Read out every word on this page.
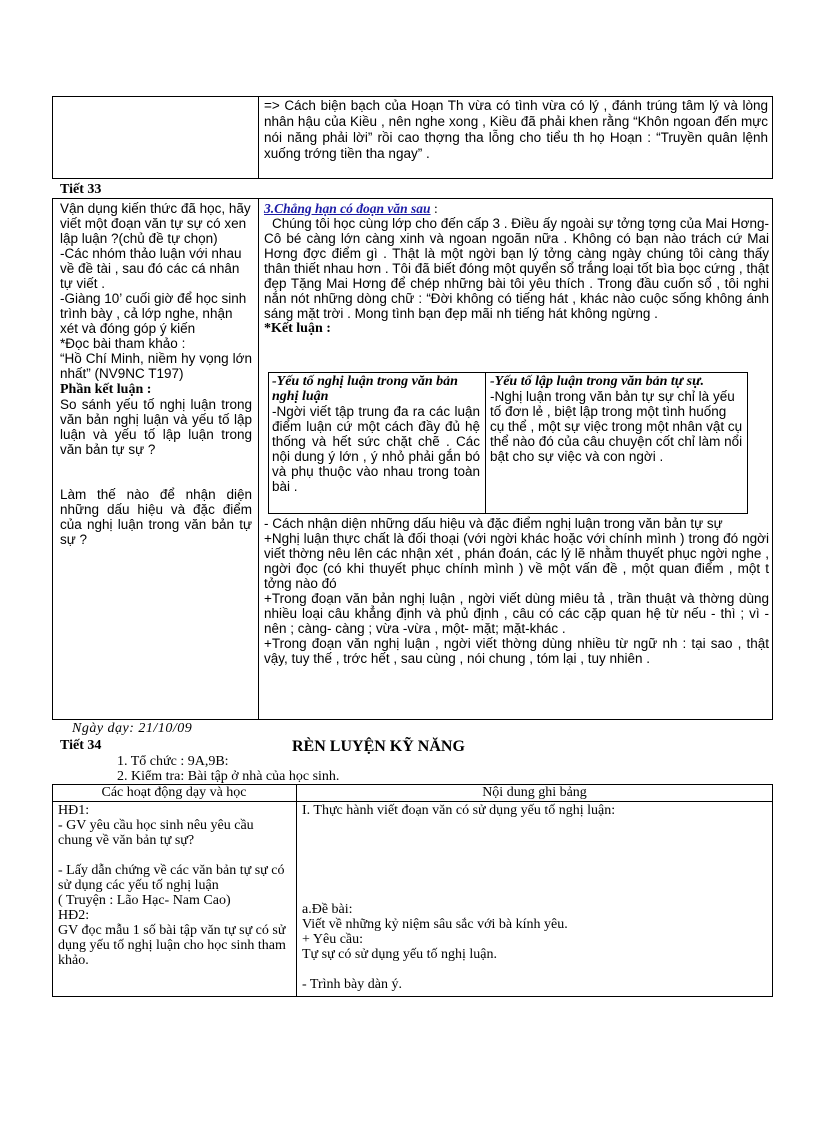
=> Cách biện bạch của Hoạn Th vừa có tình vừa có lý , đánh trúng tâm lý và lòng nhân hậu của Kiều , nên nghe xong , Kiều đã phải khen rằng “Khôn ngoan đến mực nói năng phải lời” rồi cao thợng tha lỗng cho tiểu th họ Hoạn : “Truyền quân lệnh xuống trớng tiền tha ngay” .
Tiết 33

Vận dụng kiến thức đã học, hãy viết một đoạn văn tự sự có xen lập luận ?(chủ đề tự chọn)

-Các nhóm thảo luận với nhau về đề tài , sau đó các cá nhân tự viết .

-Giàng 10’ cuối giờ để học sinh trình bày , cả lớp nghe, nhận xét và đóng góp ý kiến

*Đọc bài tham khảo :

“Hồ Chí Minh, niềm hy vọng lớn nhất” (NV9NC T197)

Phần kết luận :

So sánh yếu tố nghị luận trong văn bản nghị luận và yếu tố lập luận và yếu tố lập luận trong văn bản tự sự ?

Làm thế nào để nhận diện những dấu hiệu và đặc điểm của nghị luận trong văn bản tự sự ?

3.Chẳng hạn có đoạn văn sau :

Chúng tôi học cùng lớp cho đến cấp 3 . Điều ấy ngoài sự tởng tợng của Mai Hơng- Cô bé càng lớn càng xinh và ngoan ngoãn nữa . Không có bạn nào trách cứ Mai Hơng đợc điểm gì . Thật là một ngời bạn lý tởng càng ngày chúng tôi càng thấy thân thiết nhau hơn . Tôi đã biết đóng một quyển sổ trắng loại tốt bìa bọc cứng , thật đẹp Tặng Mai Hơng để chép những bài tôi yêu thích . Trong đầu cuốn sổ , tôi nghi nắn nót những dòng chữ : “Đời không có tiếng hát , khác nào cuộc sống không ánh sáng mặt trời . Mong tình bạn đẹp mãi nh tiếng hát không ngừng .

*Kết luận :

-Yếu tố nghị luận trong văn bản nghị luận

-Ngời viết tập trung đa ra các luận điểm luận cứ một cách đầy đủ hệ thống và hết sức chặt chẽ . Các nội dung ý lớn , ý nhỏ phải gắn bó và phụ thuộc vào nhau trong toàn bài .

-Yếu tố lập luận trong văn bản tự sự.

-Nghị luận trong văn bản tự sự chỉ là yếu tố đơn lẻ , biệt lập trong một tình huống cụ thể , một sự việc trong một nhân vật cụ thể nào đó của câu chuyện cốt chỉ làm nổi bật cho sự việc và con ngời .

- Cách nhận diện những dấu hiệu và đặc điểm nghị luận trong văn bản tự sự

+Nghị luận thực chất là đối thoại (với ngời khác hoặc với chính mình ) trong đó ngời viết thờng nêu lên các nhận xét , phán đoán, các lý lẽ nhằm thuyết phục ngời nghe , ngời đọc (có khi thuyết phục chính mình ) về một vấn đề , một quan điểm , một t tởng nào đó

+Trong đoạn văn bản nghị luận , ngời viết dùng miêu tả , trần thuật và thờng dùng nhiều loại câu khẳng định và phủ định , câu có các cặp quan hệ từ nếu - thì ; vì - nên ; càng- càng ; vừa -vừa , một- mặt; mặt-khác .

+Trong đoạn văn nghị luận , ngời viết thờng dùng nhiều từ ngữ nh : tại sao , thật vậy, tuy thế , trớc hết , sau cùng , nói chung , tóm lại , tuy nhiên .

Ngày dạy: 21/10/09
Tiết 34	RÈN LUYỆN KỸ NĂNG
1. Tổ chức : 9A,9B:
2. Kiểm tra: Bài tập ở nhà của học sinh.
Các hoạt động dạy và học	Nội dung ghi bảng

HĐ1:

- GV yêu cầu học sinh nêu yêu cầu chung về văn bản tự sự?

- Lấy dẫn chứng về các văn bản tự sự có sử dụng các yếu tố nghị luận

( Truyện : Lão Hạc- Nam Cao)

HĐ2:

GV đọc mẫu 1 số bài tập văn tự sự có sử dụng yếu tố nghị luận cho học sinh tham khảo.

I. Thực hành viết đoạn văn có sử dụng yếu tố nghị luận:

a.Đề bài:

Viết về những kỷ niệm sâu sắc với bà kính yêu.

+ Yêu cầu:

Tự sự có sử dụng yếu tố nghị luận.

- Trình bày dàn ý.
